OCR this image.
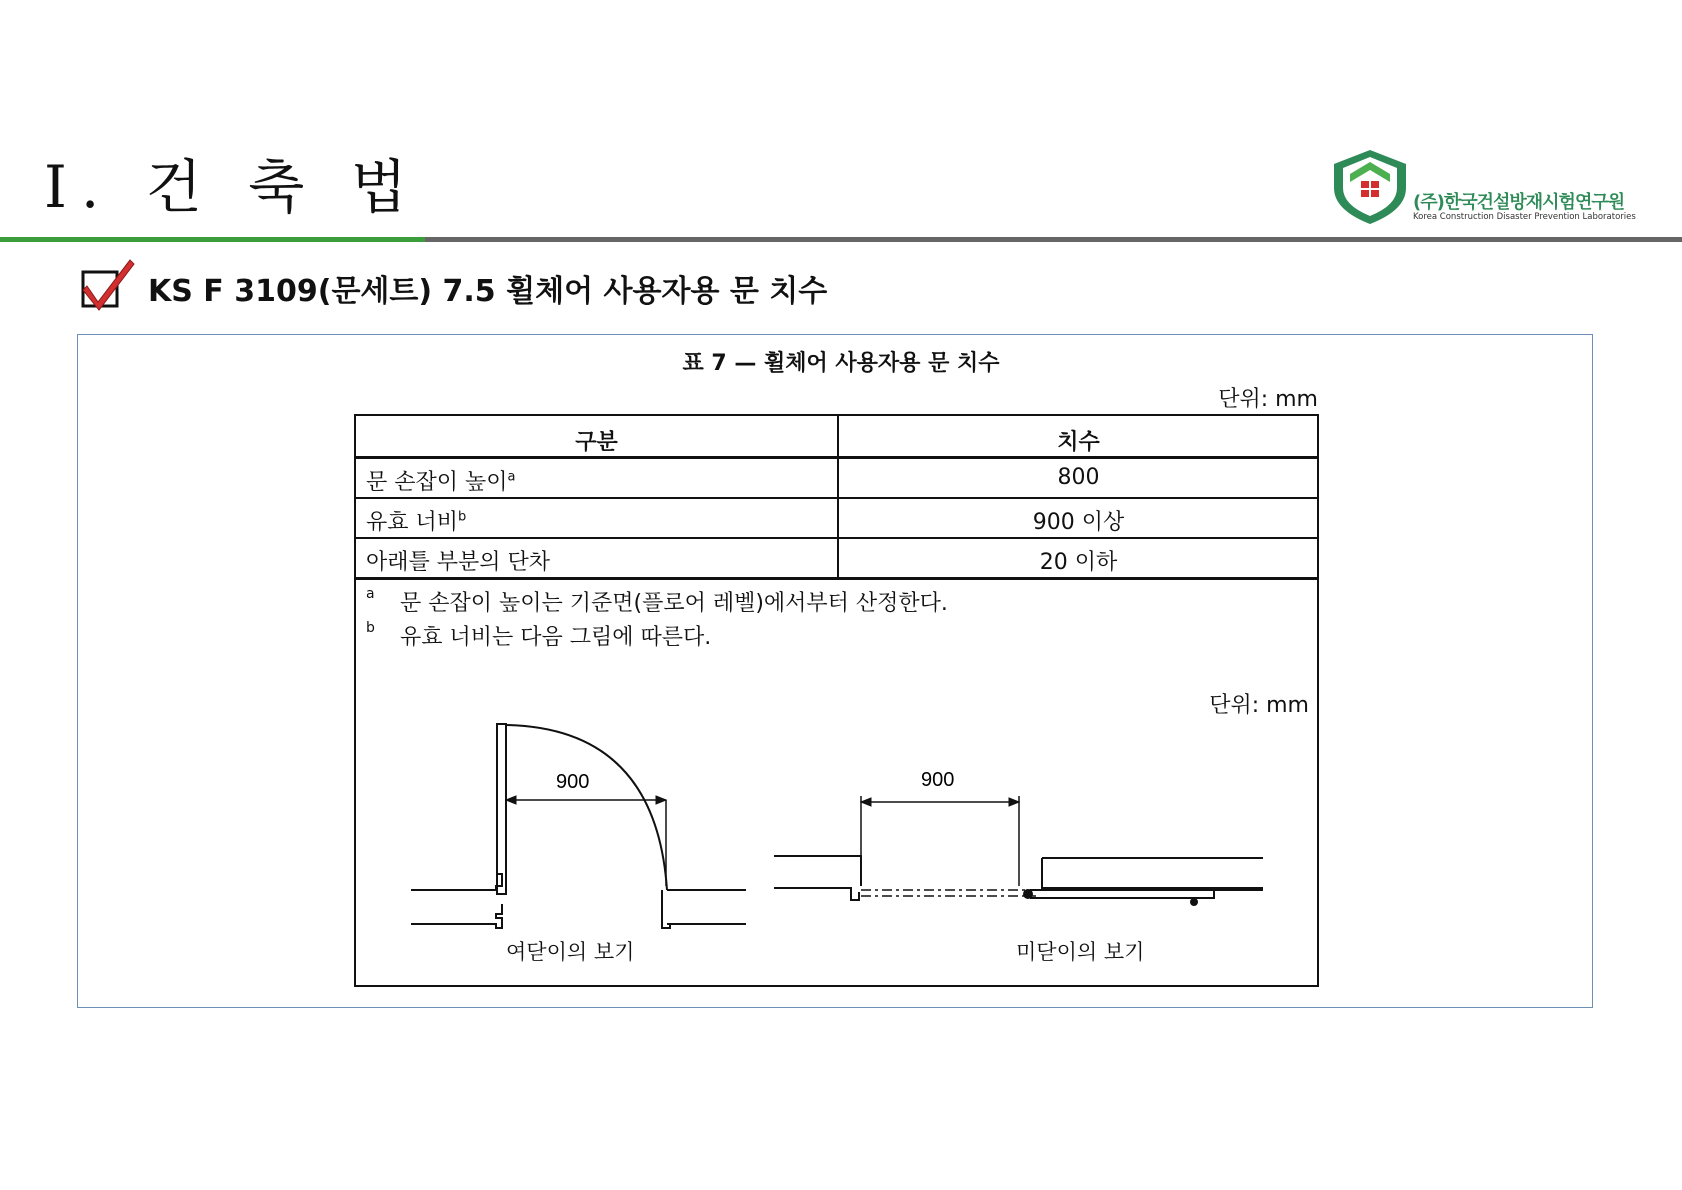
Ⅰ. 건 축 법	(주)한국건설방재시험연구원
Korea Construction Disaster Prevention Laboratories
KS F 3109(문세트) 7.5 휠체어 사용자용 문 치수
표 7 — 휠체어 사용자용 문 치수
단위: mm
구분	치수
문 손잡이 높이$^a$	800
유효 너비$^b$	900 이상
아래틀 부분의 단차	20 이하
a 문 손잡이 높이는 기준면(플로어 레벨)에서부터 산정한다.
b 유효 너비는 다음 그림에 따른다.
단위: mm
900	900
여닫이의 보기	미닫이의 보기
